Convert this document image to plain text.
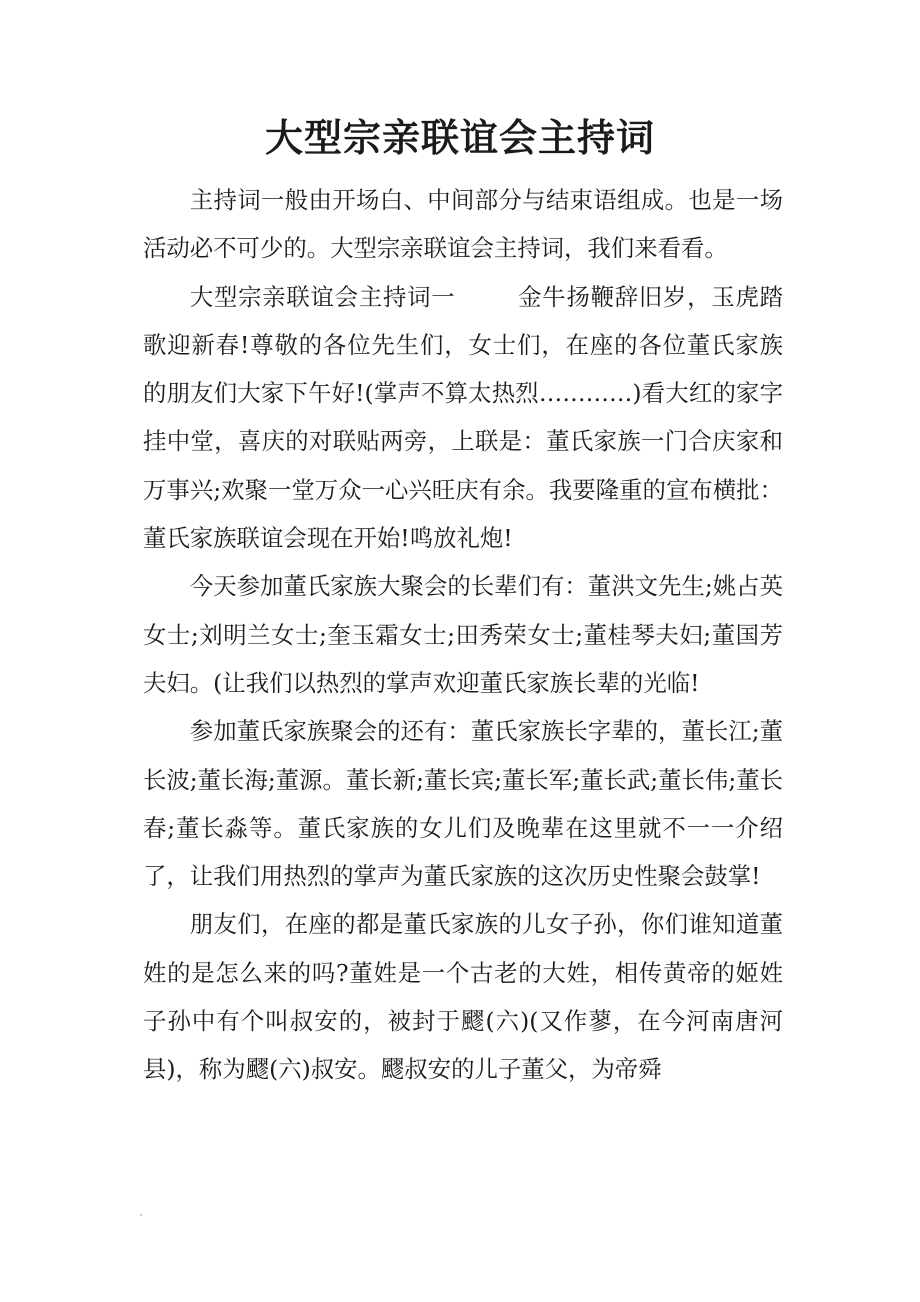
大型宗亲联谊会主持词

主持词一般由开场白、中间部分与结束语组成。也是一场活动必不可少的。大型宗亲联谊会主持词，我们来看看。

大型宗亲联谊会主持词一	金牛扬鞭辞旧岁，玉虎踏歌迎新春!尊敬的各位先生们，女士们，在座的各位董氏家族的朋友们大家下午好!(掌声不算太热烈…………)看大红的家字挂中堂，喜庆的对联贴两旁，上联是：董氏家族一门合庆家和万事兴;欢聚一堂万众一心兴旺庆有余。我要隆重的宣布横批：董氏家族联谊会现在开始!鸣放礼炮!

今天参加董氏家族大聚会的长辈们有：董洪文先生;姚占英女士;刘明兰女士;奎玉霜女士;田秀荣女士;董桂琴夫妇;董国芳夫妇。(让我们以热烈的掌声欢迎董氏家族长辈的光临!

参加董氏家族聚会的还有：董氏家族长字辈的，董长江;董长波;董长海;董源。董长新;董长宾;董长军;董长武;董长伟;董长春;董长淼等。董氏家族的女儿们及晚辈在这里就不一一介绍了，让我们用热烈的掌声为董氏家族的这次历史性聚会鼓掌!

朋友们，在座的都是董氏家族的儿女子孙，你们谁知道董姓的是怎么来的吗?董姓是一个古老的大姓，相传黄帝的姬姓子孙中有个叫叔安的，被封于飂(六)(又作蓼，在今河南唐河县)，称为飂(六)叔安。飂叔安的儿子董父，为帝舜
